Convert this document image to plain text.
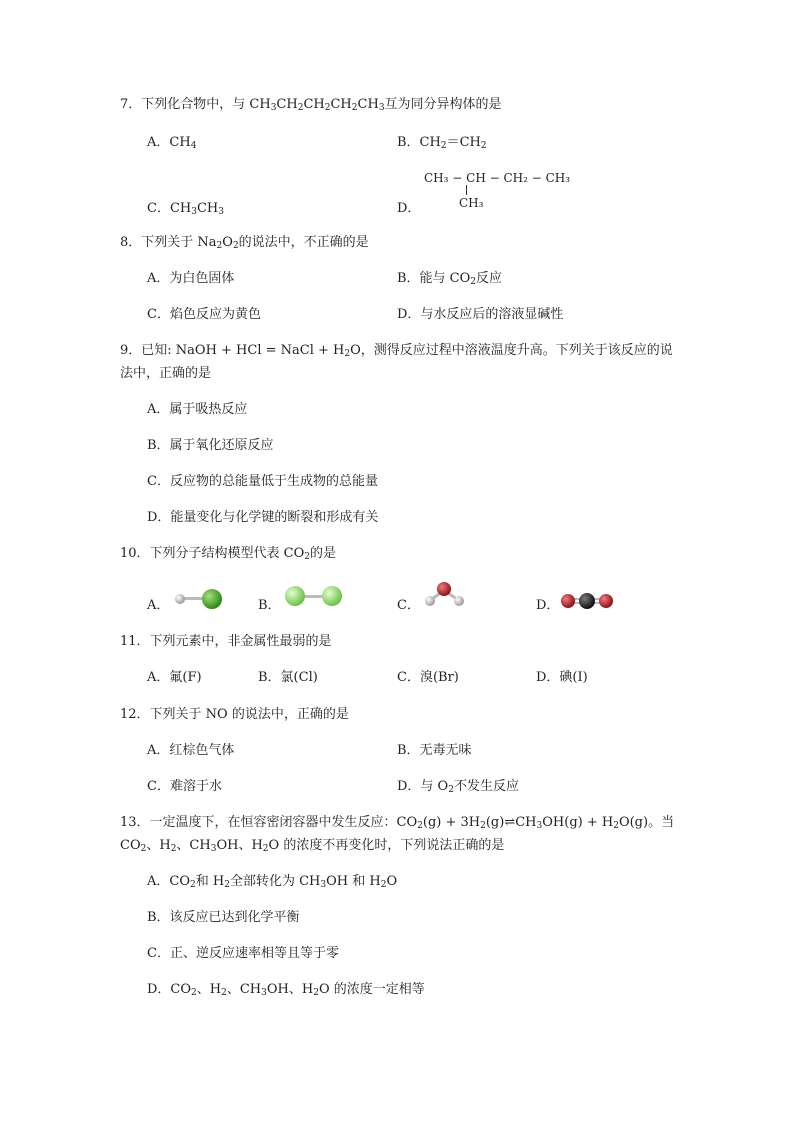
7．下列化合物中，与 $CH_3CH_2CH_2CH_2CH_3$互为同分异构体的是
A．$CH_4$	B．$CH_2=CH_2$
C．$CH_3CH_3$	D．
CH₃ − CH − CH₂ − CH₃
CH₃
8．下列关于 $Na_2O_2$的说法中，不正确的是
A．为白色固体	B．能与 $CO_2$反应
C．焰色反应为黄色	D．与水反应后的溶液显碱性
9．已知: NaOH + HCl = NaCl + $H_2O$，测得反应过程中溶液温度升高。下列关于该反应的说
法中，正确的是
A．属于吸热反应
B．属于氧化还原反应
C．反应物的总能量低于生成物的总能量
D．能量变化与化学键的断裂和形成有关
10．下列分子结构模型代表 $CO_2$的是
A．	B．	C．	D．
11．下列元素中，非金属性最弱的是
A．氟(F)	B．氯(Cl)	C．溴(Br)	D．碘(I)
12．下列关于 NO 的说法中，正确的是
A．红棕色气体	B．无毒无味
C．难溶于水	D．与 $O_2$不发生反应
13．一定温度下，在恒容密闭容器中发生反应：$CO_2(g)$ + $3H_2(g)\rightleftharpoons CH_3OH(g) + H_2O(g)$。当
$CO_2$、$H_2$、$CH_3OH$、$H_2O$ 的浓度不再变化时，下列说法正确的是
A．$CO_2$和 $H_2$全部转化为 $CH_3OH$ 和 $H_2O$
B．该反应已达到化学平衡
C．正、逆反应速率相等且等于零
D．$CO_2$、$H_2$、$CH_3OH$、$H_2O$ 的浓度一定相等
